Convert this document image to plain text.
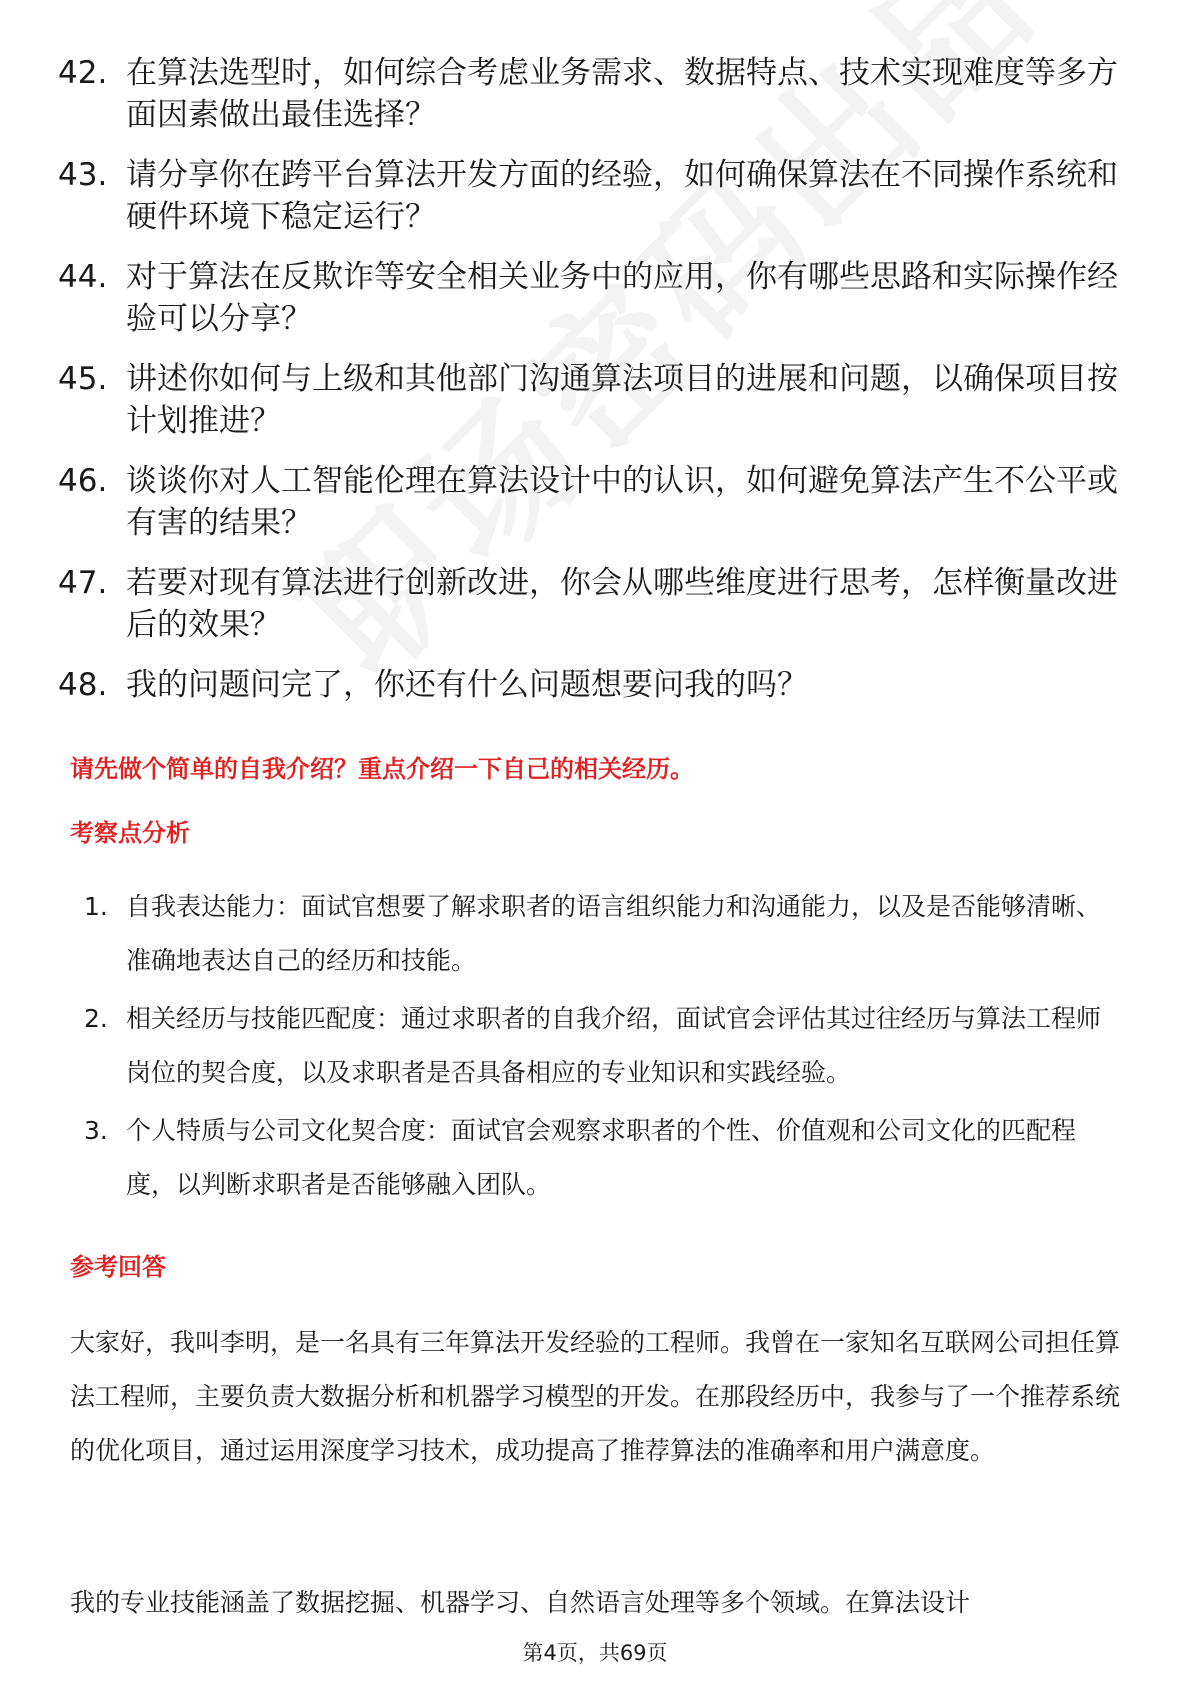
42. 在算法选型时，如何综合考虑业务需求、数据特点、技术实现难度等多方面因素做出最佳选择？
43. 请分享你在跨平台算法开发方面的经验，如何确保算法在不同操作系统和硬件环境下稳定运行？
44. 对于算法在反欺诈等安全相关业务中的应用，你有哪些思路和实际操作经验可以分享？
45. 讲述你如何与上级和其他部门沟通算法项目的进展和问题，以确保项目按计划推进？
46. 谈谈你对人工智能伦理在算法设计中的认识，如何避免算法产生不公平或有害的结果？
47. 若要对现有算法进行创新改进，你会从哪些维度进行思考，怎样衡量改进后的效果？
48. 我的问题问完了，你还有什么问题想要问我的吗？
请先做个简单的自我介绍？重点介绍一下自己的相关经历。
考察点分析
1. 自我表达能力：面试官想要了解求职者的语言组织能力和沟通能力，以及是否能够清晰、准确地表达自己的经历和技能。
2. 相关经历与技能匹配度：通过求职者的自我介绍，面试官会评估其过往经历与算法工程师岗位的契合度，以及求职者是否具备相应的专业知识和实践经验。
3. 个人特质与公司文化契合度：面试官会观察求职者的个性、价值观和公司文化的匹配程度，以判断求职者是否能够融入团队。
参考回答
大家好，我叫李明，是一名具有三年算法开发经验的工程师。我曾在一家知名互联网公司担任算法工程师，主要负责大数据分析和机器学习模型的开发。在那段经历中，我参与了一个推荐系统的优化项目，通过运用深度学习技术，成功提高了推荐算法的准确率和用户满意度。
我的专业技能涵盖了数据挖掘、机器学习、自然语言处理等多个领域。在算法设计
第4页，共69页
